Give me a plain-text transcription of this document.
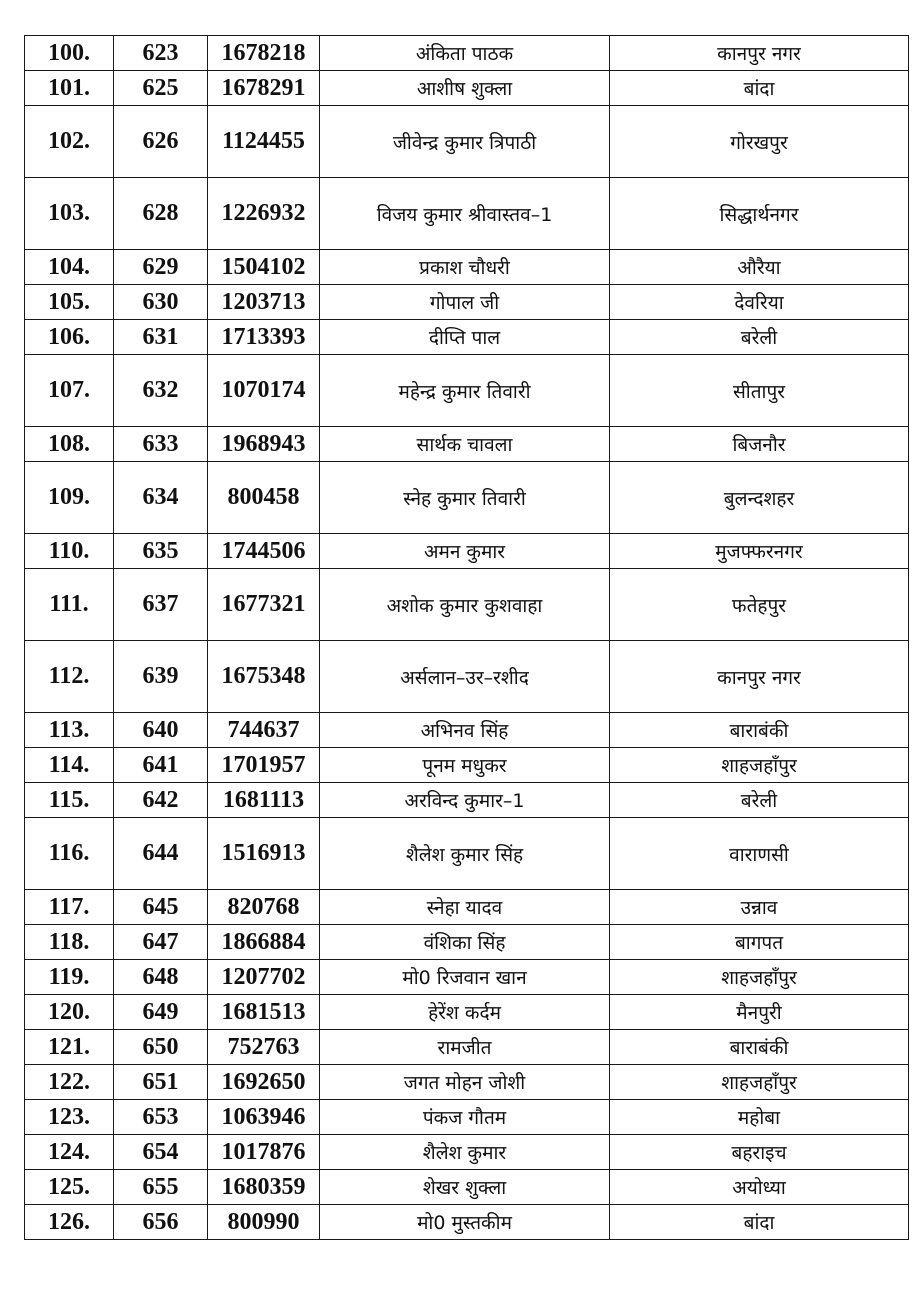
100.	623	1678218	अंकिता पाठक	कानपुर नगर
101.	625	1678291	आशीष शुक्ला	बांदा
102.	626	1124455	जीवेन्द्र कुमार त्रिपाठी	गोरखपुर
103.	628	1226932	विजय कुमार श्रीवास्तव–1	सिद्धार्थनगर
104.	629	1504102	प्रकाश चौधरी	औरैया
105.	630	1203713	गोपाल जी	देवरिया
106.	631	1713393	दीप्ति पाल	बरेली
107.	632	1070174	महेन्द्र कुमार तिवारी	सीतापुर
108.	633	1968943	सार्थक चावला	बिजनौर
109.	634	800458	स्नेह कुमार तिवारी	बुलन्दशहर
110.	635	1744506	अमन कुमार	मुजफ्फरनगर
111.	637	1677321	अशोक कुमार कुशवाहा	फतेहपुर
112.	639	1675348	अर्सलान–उर–रशीद	कानपुर नगर
113.	640	744637	अभिनव सिंह	बाराबंकी
114.	641	1701957	पूनम मधुकर	शाहजहाँपुर
115.	642	1681113	अरविन्द कुमार–1	बरेली
116.	644	1516913	शैलेश कुमार सिंह	वाराणसी
117.	645	820768	स्नेहा यादव	उन्नाव
118.	647	1866884	वंशिका सिंह	बागपत
119.	648	1207702	मो0 रिजवान खान	शाहजहाँपुर
120.	649	1681513	हेरेंश कर्दम	मैनपुरी
121.	650	752763	रामजीत	बाराबंकी
122.	651	1692650	जगत मोहन जोशी	शाहजहाँपुर
123.	653	1063946	पंकज गौतम	महोबा
124.	654	1017876	शैलेश कुमार	बहराइच
125.	655	1680359	शेखर शुक्ला	अयोध्या
126.	656	800990	मो0 मुस्तकीम	बांदा
